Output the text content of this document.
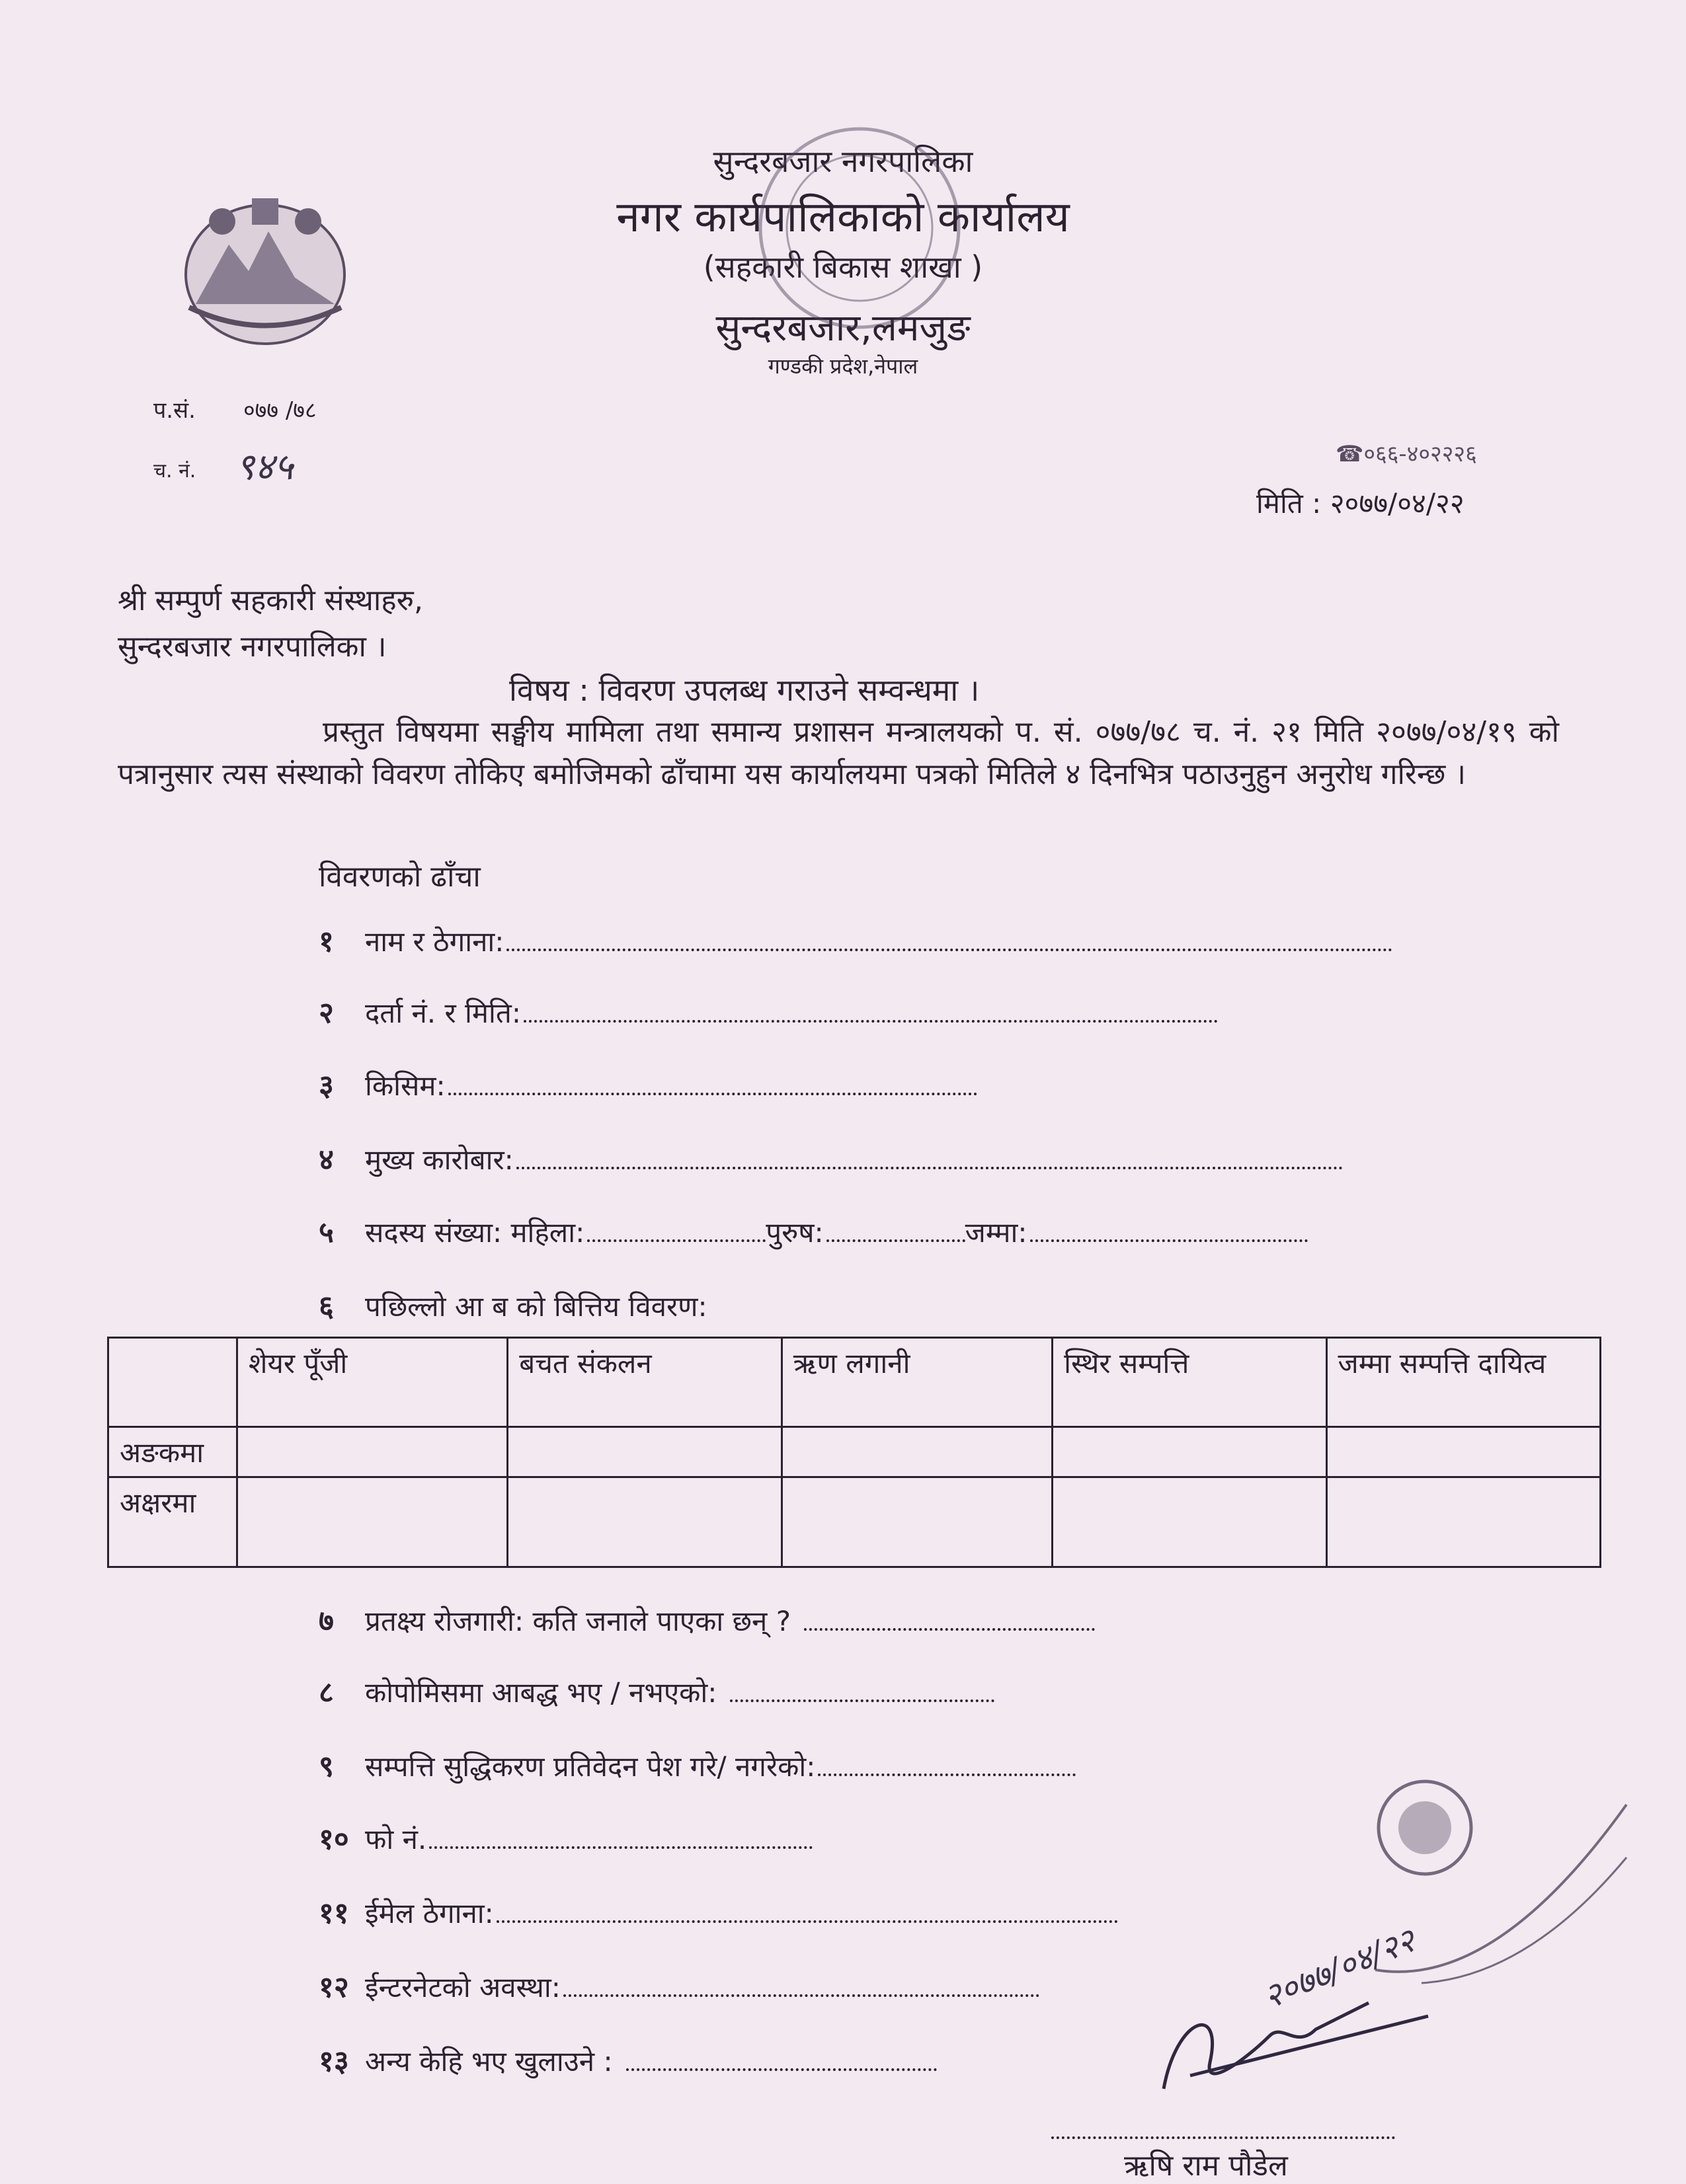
सुन्दरबजार नगरपालिका
नगर कार्यपालिकाको कार्यालय
(सहकारी बिकास शाखा )
सुन्दरबजार,लमजुङ
गण्डकी प्रदेश,नेपाल
प.सं. ०७७ /७८
च. नं. ९४५	☎०६६-४०२२२६
मिति : २०७७/०४/२२
श्री सम्पुर्ण सहकारी संस्थाहरु,
सुन्दरबजार नगरपालिका ।
विषय : विवरण उपलब्ध गराउने सम्वन्धमा ।
प्रस्तुत विषयमा सङ्घीय मामिला तथा समान्य प्रशासन मन्त्रालयको प. सं. ०७७/७८ च. नं. २१ मिति २०७७/०४/१९ को पत्रानुसार त्यस संस्थाको विवरण तोकिए बमोजिमको ढाँचामा यस कार्यालयमा पत्रको मितिले ४ दिनभित्र पठाउनुहुन अनुरोध गरिन्छ ।
विवरणको ढाँचा
१	नाम र ठेगाना:
२	दर्ता नं. र मिति:
३	किसिम:
४	मुख्य कारोबार:
५	सदस्य संख्या: महिला:	पुरुष:	जम्मा:
६	पछिल्लो आ ब को बित्तिय विवरण:
	शेयर पूँजी	बचत संकलन	ऋण लगानी	स्थिर सम्पत्ति	जम्मा सम्पत्ति दायित्व
अङकमा					
अक्षरमा					
७	प्रतक्ष्य रोजगारी: कति जनाले पाएका छन् ?
८	कोपोमिसमा आबद्ध भए / नभएको:
९	सम्पत्ति सुद्धिकरण प्रतिवेदन पेश गरे/ नगरेको:
१० फो नं.
११ ईमेल ठेगाना:
१२ ईन्टरनेटको अवस्था:
१३ अन्य केहि भए खुलाउने :
२०७७/०४/२२
ऋषि राम पौडेल
